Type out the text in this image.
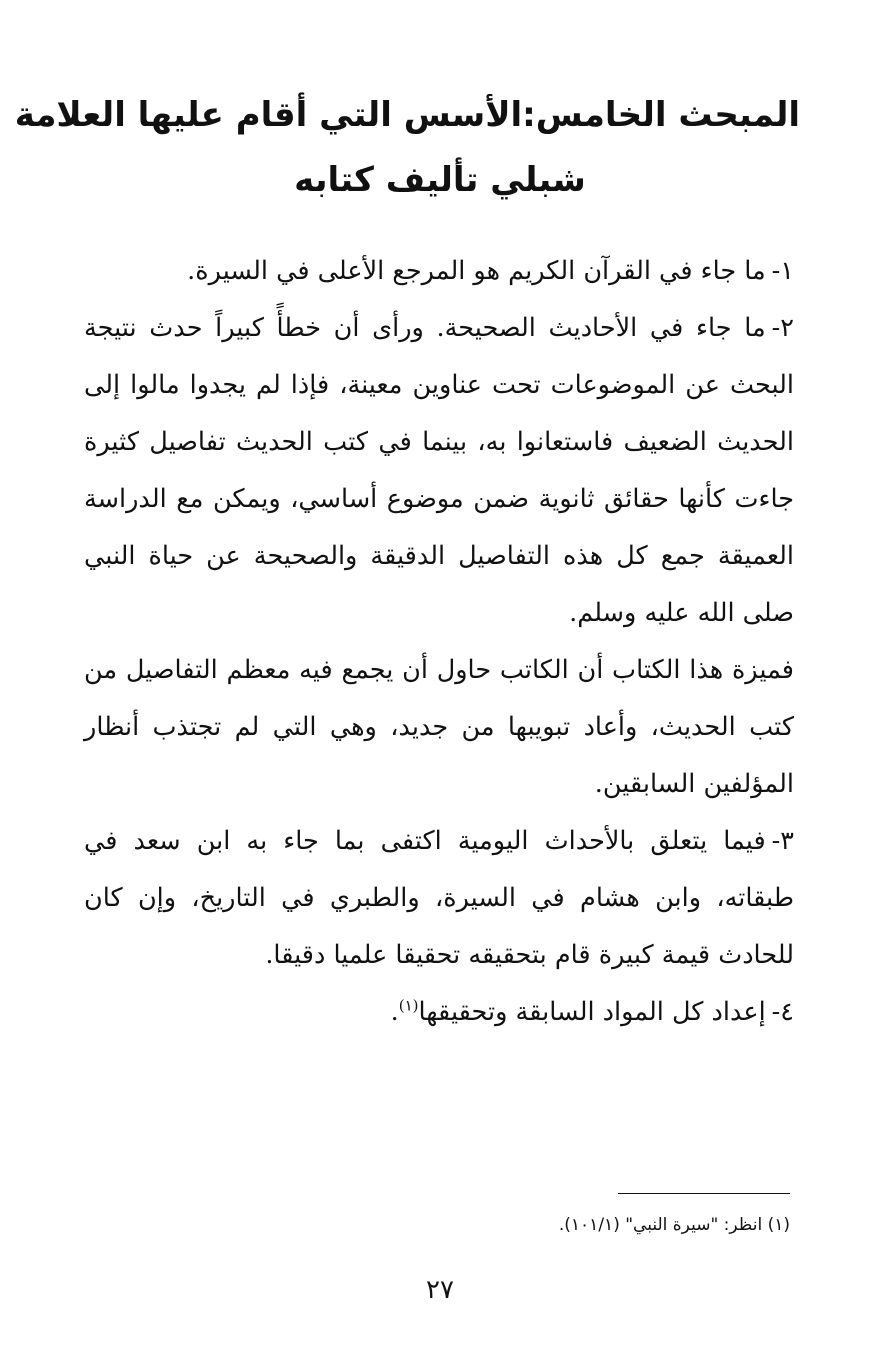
المبحث الخامس:الأسس التي أقام عليها العلامة
شبلي تأليف كتابه

١-ما جاء في القرآن الكريم هو المرجع الأعلى في السيرة.

٢-ما جاء في الأحاديث الصحيحة. ورأى أن خطأً كبيراً حدث نتيجة البحث عن الموضوعات تحت عناوين معينة، فإذا لم يجدوا مالوا إلى الحديث الضعيف فاستعانوا به، بينما في كتب الحديث تفاصيل كثيرة جاءت كأنها حقائق ثانوية ضمن موضوع أساسي، ويمكن مع الدراسة العميقة جمع كل هذه التفاصيل الدقيقة والصحيحة عن حياة النبي صلى الله عليه وسلم.

فميزة هذا الكتاب أن الكاتب حاول أن يجمع فيه معظم التفاصيل من كتب الحديث، وأعاد تبويبها من جديد، وهي التي لم تجتذب أنظار المؤلفين السابقين.

٣-فيما يتعلق بالأحداث اليومية اكتفى بما جاء به ابن سعد في طبقاته، وابن هشام في السيرة، والطبري في التاريخ، وإن كان للحادث قيمة كبيرة قام بتحقيقه تحقيقا علميا دقيقا.

٤-إعداد كل المواد السابقة وتحقيقها$^{(١)}$.

(١) انظر: "سيرة النبي" (١٠١/١).
٢٧
